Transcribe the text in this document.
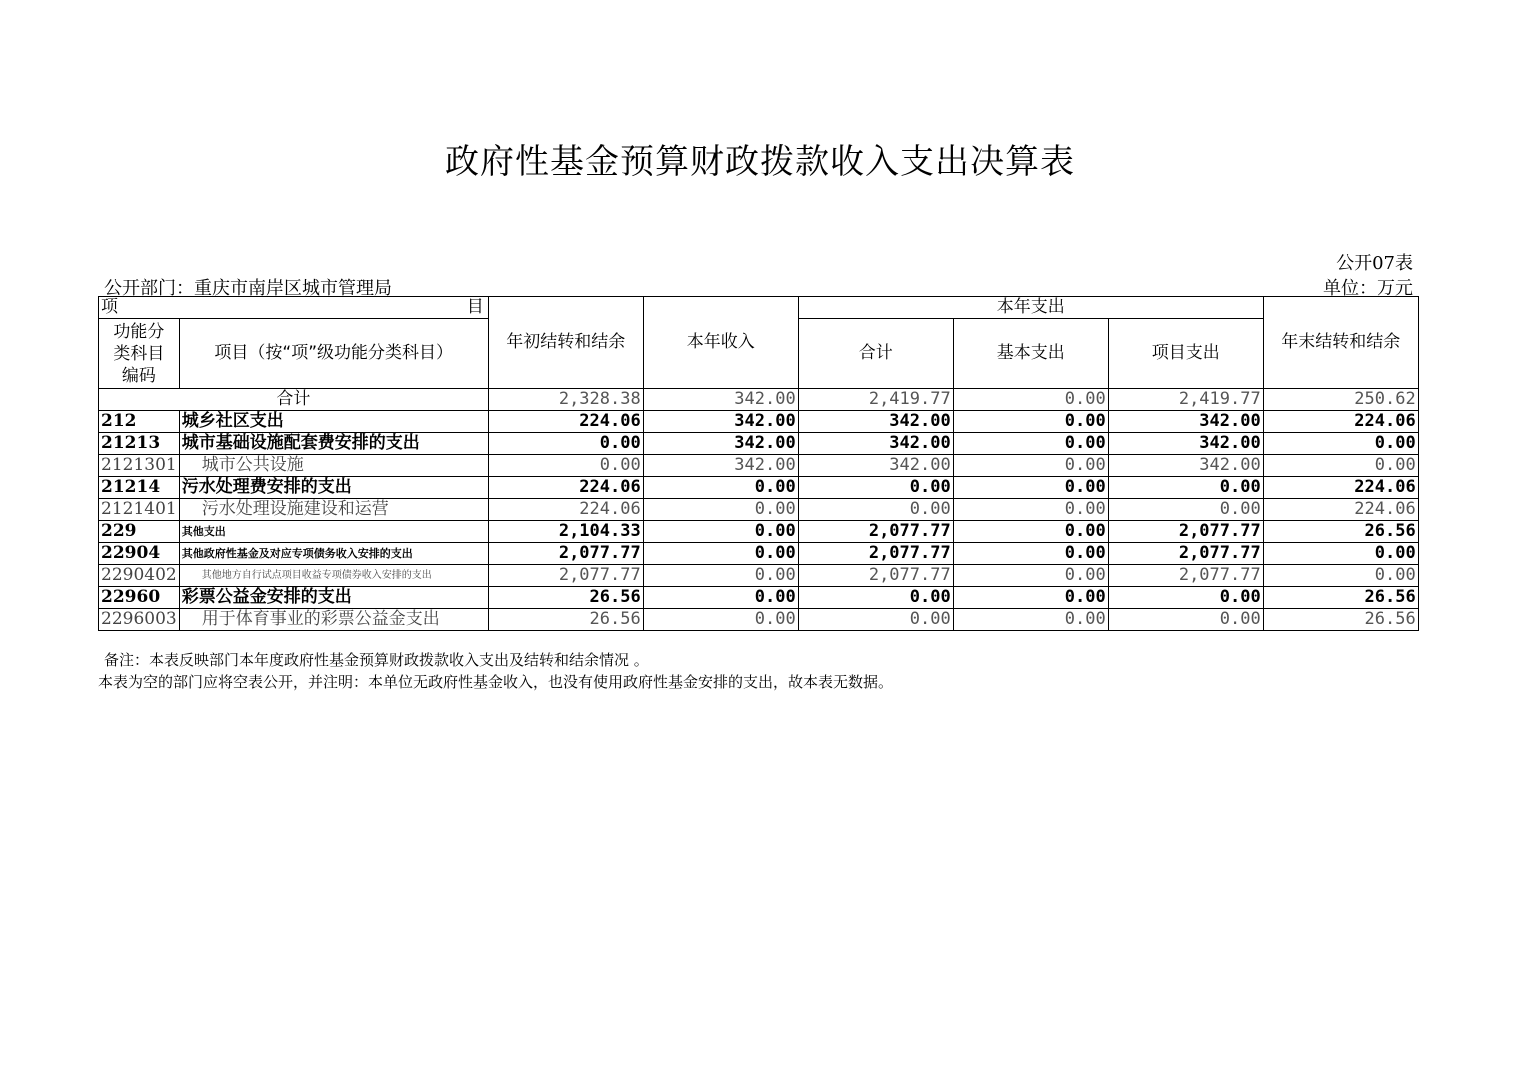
政府性基金预算财政拨款收入支出决算表
公开07表
公开部门：重庆市南岸区城市管理局	单位：万元
项 目		年初结转和结余	本年收入	本年支出			年末结转和结余
功能分类科目编码	项目（按“项”级功能分类科目）			合计	基本支出	项目支出	
合计		2,328.38	342.00	2,419.77	0.00	2,419.77	250.62
212	城乡社区支出	224.06	342.00	342.00	0.00	342.00	224.06
21213	城市基础设施配套费安排的支出	0.00	342.00	342.00	0.00	342.00	0.00
2121301	城市公共设施	0.00	342.00	342.00	0.00	342.00	0.00
21214	污水处理费安排的支出	224.06	0.00	0.00	0.00	0.00	224.06
2121401	污水处理设施建设和运营	224.06	0.00	0.00	0.00	0.00	224.06
229	其他支出	2,104.33	0.00	2,077.77	0.00	2,077.77	26.56
22904	其他政府性基金及对应专项债务收入安排的支出	2,077.77	0.00	2,077.77	0.00	2,077.77	0.00
2290402	其他地方自行试点项目收益专项债券收入安排的支出	2,077.77	0.00	2,077.77	0.00	2,077.77	0.00
22960	彩票公益金安排的支出	26.56	0.00	0.00	0.00	0.00	26.56
2296003	用于体育事业的彩票公益金支出	26.56	0.00	0.00	0.00	0.00	26.56
备注：本表反映部门本年度政府性基金预算财政拨款收入支出及结转和结余情况 。
本表为空的部门应将空表公开，并注明：本单位无政府性基金收入，也没有使用政府性基金安排的支出，故本表无数据。
